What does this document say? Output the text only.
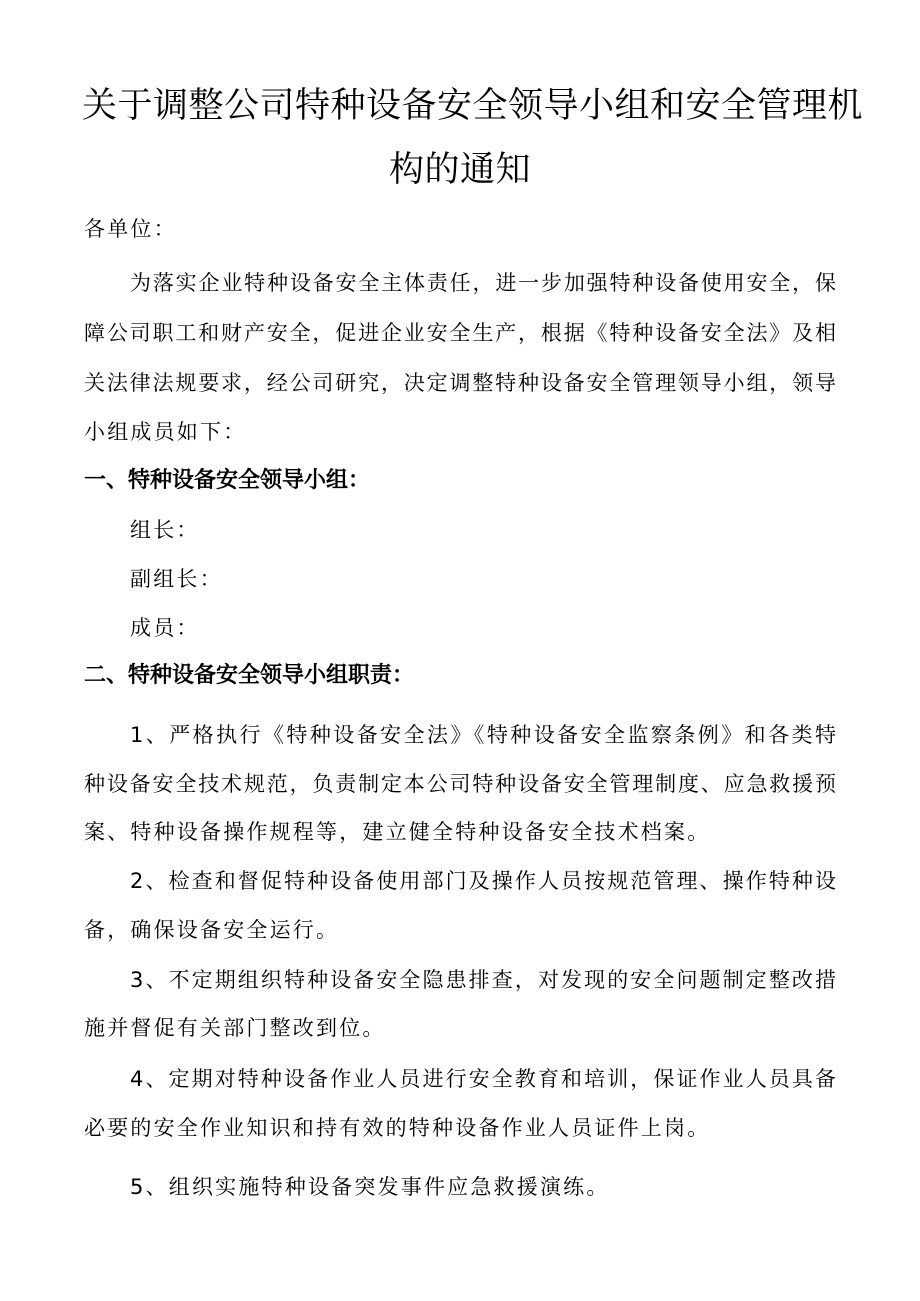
关于调整公司特种设备安全领导小组和安全管理机
构的通知
各单位：
为落实企业特种设备安全主体责任，进一步加强特种设备使用安全，保
障公司职工和财产安全，促进企业安全生产，根据《特种设备安全法》及相
关法律法规要求，经公司研究，决定调整特种设备安全管理领导小组，领导
小组成员如下：
一、特种设备安全领导小组：
组长：
副组长：
成员：
二、特种设备安全领导小组职责：
1、严格执行《特种设备安全法》《特种设备安全监察条例》和各类特
种设备安全技术规范，负责制定本公司特种设备安全管理制度、应急救援预
案、特种设备操作规程等，建立健全特种设备安全技术档案。
2、检查和督促特种设备使用部门及操作人员按规范管理、操作特种设
备，确保设备安全运行。
3、不定期组织特种设备安全隐患排查，对发现的安全问题制定整改措
施并督促有关部门整改到位。
4、定期对特种设备作业人员进行安全教育和培训，保证作业人员具备
必要的安全作业知识和持有效的特种设备作业人员证件上岗。
5、组织实施特种设备突发事件应急救援演练。
